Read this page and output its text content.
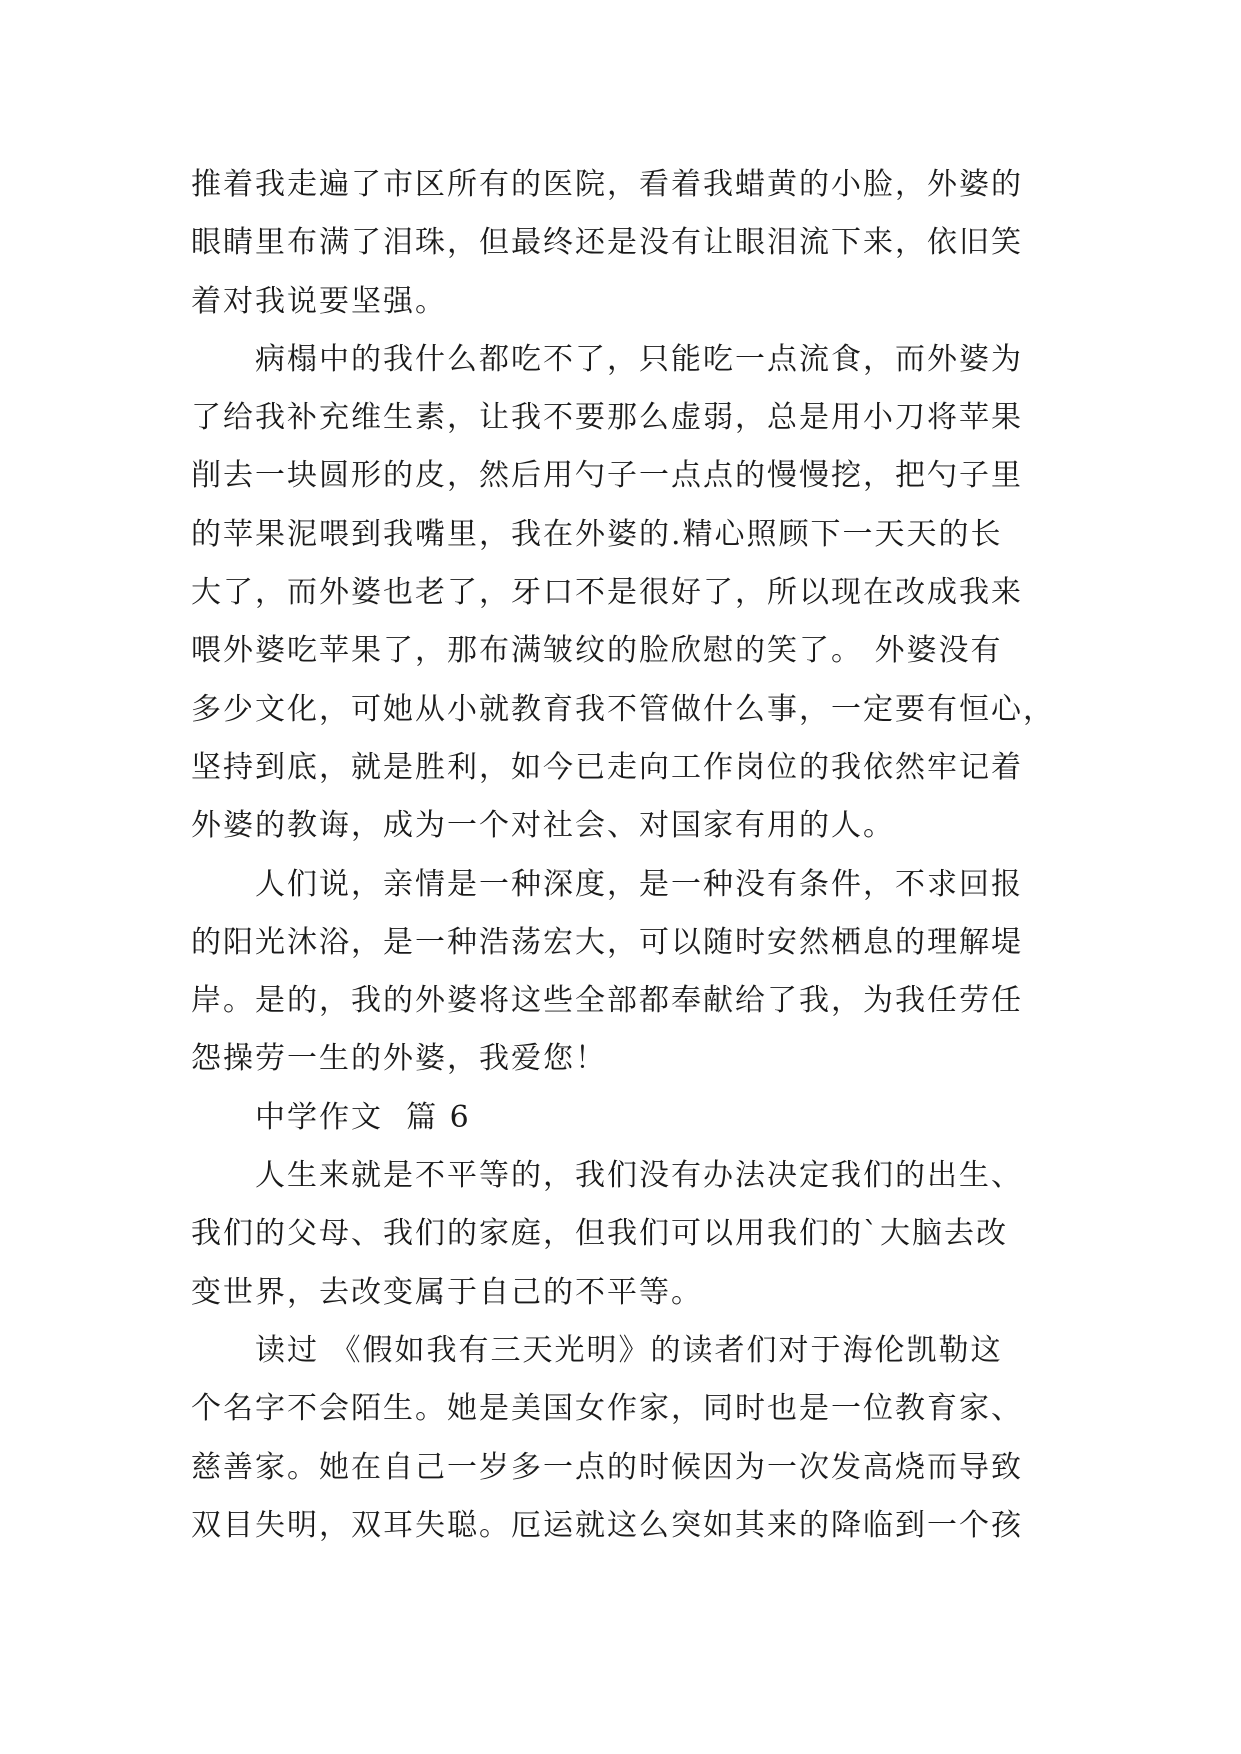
推着我走遍了市区所有的医院，看着我蜡黄的小脸，外婆的
眼睛里布满了泪珠，但最终还是没有让眼泪流下来，依旧笑
着对我说要坚强。
病榻中的我什么都吃不了，只能吃一点流食，而外婆为
了给我补充维生素，让我不要那么虚弱，总是用小刀将苹果
削去一块圆形的皮，然后用勺子一点点的慢慢挖，把勺子里
的苹果泥喂到我嘴里，我在外婆的.精心照顾下一天天的长
大了，而外婆也老了，牙口不是很好了，所以现在改成我来
喂外婆吃苹果了，那布满皱纹的脸欣慰的笑了。 外婆没有
多少文化，可她从小就教育我不管做什么事，一定要有恒心，
坚持到底，就是胜利，如今已走向工作岗位的我依然牢记着
外婆的教诲，成为一个对社会、对国家有用的人。
人们说，亲情是一种深度，是一种没有条件，不求回报
的阳光沐浴，是一种浩荡宏大，可以随时安然栖息的理解堤
岸。是的，我的外婆将这些全部都奉献给了我，为我任劳任
怨操劳一生的外婆，我爱您！
中学作文  篇 6
人生来就是不平等的，我们没有办法决定我们的出生、
我们的父母、我们的家庭，但我们可以用我们的`大脑去改
变世界，去改变属于自己的不平等。
读过 《假如我有三天光明》的读者们对于海伦凯勒这
个名字不会陌生。她是美国女作家，同时也是一位教育家、
慈善家。她在自己一岁多一点的时候因为一次发高烧而导致
双目失明，双耳失聪。厄运就这么突如其来的降临到一个孩
